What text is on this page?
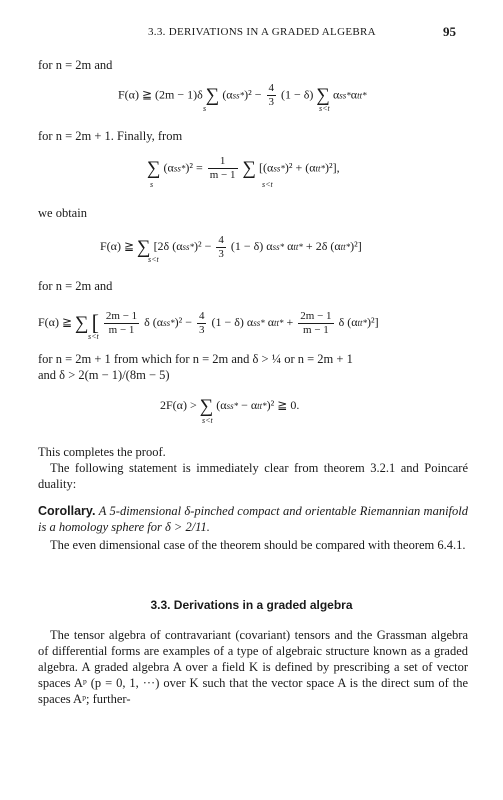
3.3. DERIVATIONS IN A GRADED ALGEBRA	95
for n = 2m and
F(α) ≧ (2m − 1)δ ∑ $(\alpha ss*)^2 - \frac{4}{3} (1 - \delta)$ ∑ αss*αtt*
s	s<t
for n = 2m + 1. Finally, from
∑ $(\alpha ss*)^2 = \frac{1}{m - 1}$ ∑ [(αss*)² + (αtt*)²],
s	s<t
we obtain
F(α) ≧ ∑ [2δ $(\alpha ss*)^2 - \frac{4}{3} (1 - \delta)$ αss* αtt* + 2δ (αtt*)²]
s<t
for n = 2m and
F(α) ≧ ∑ [ $\frac{2m - 1}{m - 1}$ δ $(\alpha ss*)^2 - \frac{4}{3} (1 - \delta)$ αss* $\alpha tt* + \frac{2m - 1}{m - 1}$ δ (αtt*)²]
s<t
for n = 2m + 1 from which for n = 2m and δ > ¼ or n = 2m + 1
and δ > 2(m − 1)/(8m − 5)
2F(α) > ∑ (αss* − αtt*)² ≧ 0.
s<t
This completes the proof.
The following statement is immediately clear from theorem 3.2.1 and Poincaré duality:
Corollary. A 5-dimensional δ-pinched compact and orientable Riemannian manifold is a homology sphere for δ > 2/11.
The even dimensional case of the theorem should be compared with theorem 6.4.1.
3.3. Derivations in a graded algebra
The tensor algebra of contravariant (covariant) tensors and the Grassman algebra of differential forms are examples of a type of algebraic structure known as a graded algebra. A graded algebra A over a field K is defined by prescribing a set of vector spaces Aᵖ (p = 0, 1, ···) over K such that the vector space A is the direct sum of the spaces Aᵖ; further-
